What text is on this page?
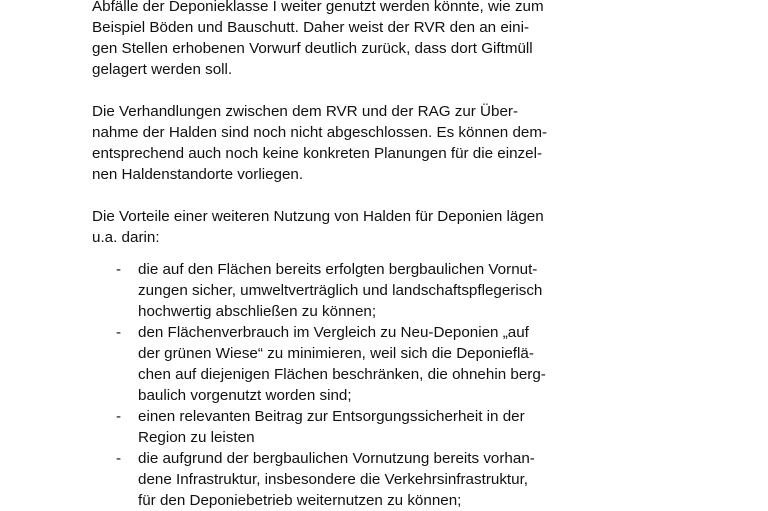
Abfälle der Deponieklasse I weiter genutzt werden könnte, wie zum
Beispiel Böden und Bauschutt. Daher weist der RVR den an eini-
gen Stellen erhobenen Vorwurf deutlich zurück, dass dort Giftmüll
gelagert werden soll.

Die Verhandlungen zwischen dem RVR und der RAG zur Über-
nahme der Halden sind noch nicht abgeschlossen. Es können dem-
entsprechend auch noch keine konkreten Planungen für die einzel-
nen Haldenstandorte vorliegen.

Die Vorteile einer weiteren Nutzung von Halden für Deponien lägen
u.a. darin:

- die auf den Flächen bereits erfolgten bergbaulichen Vornut-
zungen sicher, umweltverträglich und landschaftspflegerisch
hochwertig abschließen zu können;
- den Flächenverbrauch im Vergleich zu Neu-Deponien „auf
der grünen Wiese“ zu minimieren, weil sich die Deponieflä-
chen auf diejenigen Flächen beschränken, die ohnehin berg-
baulich vorgenutzt worden sind;
- einen relevanten Beitrag zur Entsorgungssicherheit in der
Region zu leisten
- die aufgrund der bergbaulichen Vornutzung bereits vorhan-
dene Infrastruktur, insbesondere die Verkehrsinfrastruktur,
für den Deponiebetrieb weiternutzen zu können;
